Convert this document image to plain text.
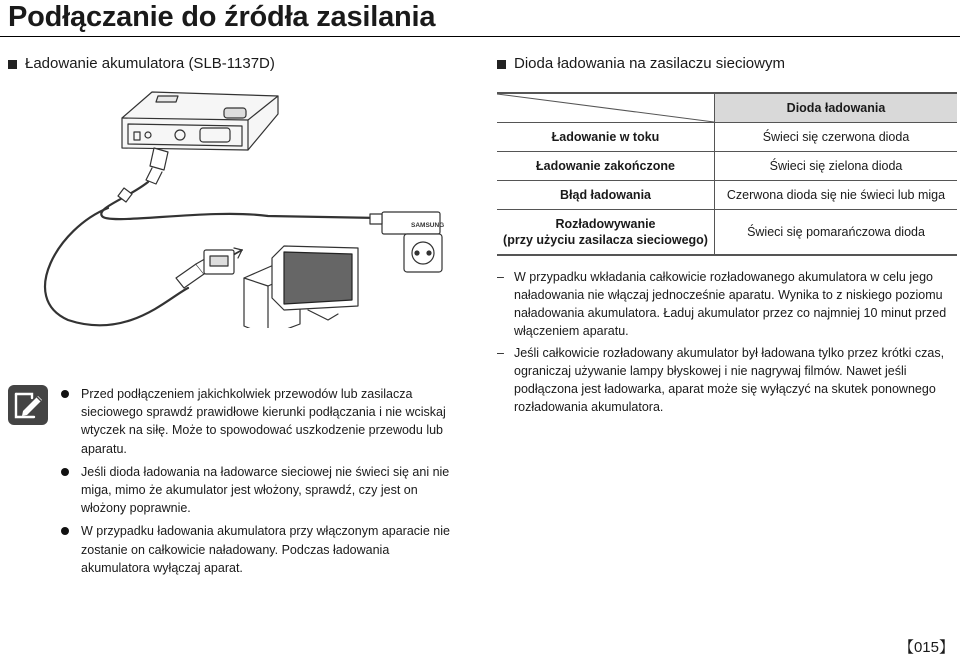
Podłączanie do źródła zasilania
Ładowanie akumulatora (SLB-1137D)	Dioda ładowania na zasilaczu sieciowym
SAMSUNG
	Dioda ładowania
Ładowanie w toku	Świeci się czerwona dioda
Ładowanie zakończone	Świeci się zielona dioda
Błąd ładowania	Czerwona dioda się nie świeci lub miga
Rozładowywanie
(przy użyciu zasilacza sieciowego)	Świeci się pomarańczowa dioda
– W przypadku wkładania całkowicie rozładowanego akumulatora w celu jego naładowania nie włączaj jednocześnie aparatu. Wynika to z niskiego poziomu naładowania akumulatora. Ładuj akumulator przez co najmniej 10 minut przed włączeniem aparatu.
– Jeśli całkowicie rozładowany akumulator był ładowana tylko przez krótki czas, ograniczaj używanie lampy błyskowej i nie nagrywaj filmów. Nawet jeśli podłączona jest ładowarka, aparat może się wyłączyć na skutek ponownego rozładowania akumulatora.
Przed podłączeniem jakichkolwiek przewodów lub zasilacza sieciowego sprawdź prawidłowe kierunki podłączania i nie wciskaj wtyczek na siłę. Może to spowodować uszkodzenie przewodu lub aparatu.
Jeśli dioda ładowania na ładowarce sieciowej nie świeci się ani nie miga, mimo że akumulator jest włożony, sprawdź, czy jest on włożony poprawnie.
W przypadku ładowania akumulatora przy włączonym aparacie nie zostanie on całkowicie naładowany. Podczas ładowania akumulatora wyłączaj aparat.
【015】
